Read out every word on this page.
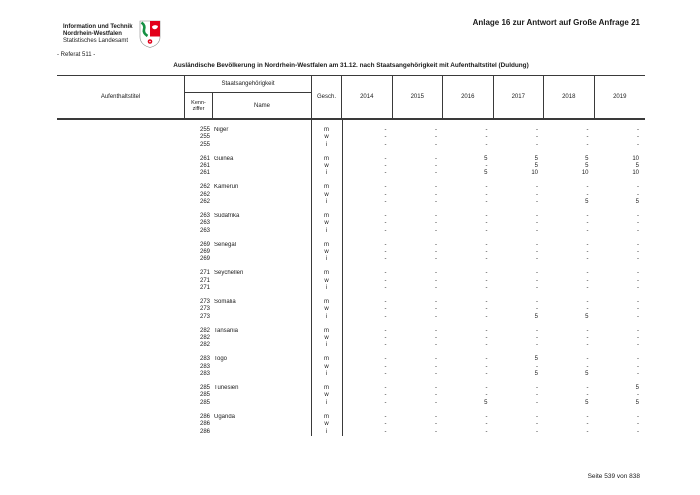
Information und Technik
Nordrhein-Westfalen
Statistisches Landesamt
- Referat 511 -
Anlage 16 zur Antwort auf Große Anfrage 21
Ausländische Bevölkerung in Nordrhein-Westfalen am 31.12. nach Staatsangehörigkeit mit Aufenthaltstitel (Duldung)
Aufenthaltstitel
Staatsangehörigkeit
Kenn-
ziffer	Name
Gesch.	2014	2015	2016	2017	2018	2019
255 Niger	m	-	-	-	-	-	-
255	w	-	-	-	-	-	-
255	i	-	-	-	-	-	-
261 Guinea	m	-	-	5	5	5	10
261	w	-	-	-	5	5	5
261	i	-	-	5	10	10	10
262 Kamerun	m	-	-	-	-	-	-
262	w	-	-	-	-	-	-
262	i	-	-	-	-	5	5
263 Südafrika	m	-	-	-	-	-	-
263	w	-	-	-	-	-	-
263	i	-	-	-	-	-	-
269 Senegal	m	-	-	-	-	-	-
269	w	-	-	-	-	-	-
269	i	-	-	-	-	-	-
271 Seychellen	m	-	-	-	-	-	-
271	w	-	-	-	-	-	-
271	i	-	-	-	-	-	-
273 Somalia	m	-	-	-	-	-	-
273	w	-	-	-	-	-	-
273	i	-	-	-	5	5	-
282 Tansania	m	-	-	-	-	-	-
282	w	-	-	-	-	-	-
282	i	-	-	-	-	-	-
283 Togo	m	-	-	-	5	-	-
283	w	-	-	-	-	-	-
283	i	-	-	-	5	5	-
285 Tunesien	m	-	-	-	-	-	5
285	w	-	-	-	-	-	-
285	i	-	-	5	-	5	5
286 Uganda	m	-	-	-	-	-	-
286	w	-	-	-	-	-	-
286	i	-	-	-	-	-	-
Seite 539 von 838
